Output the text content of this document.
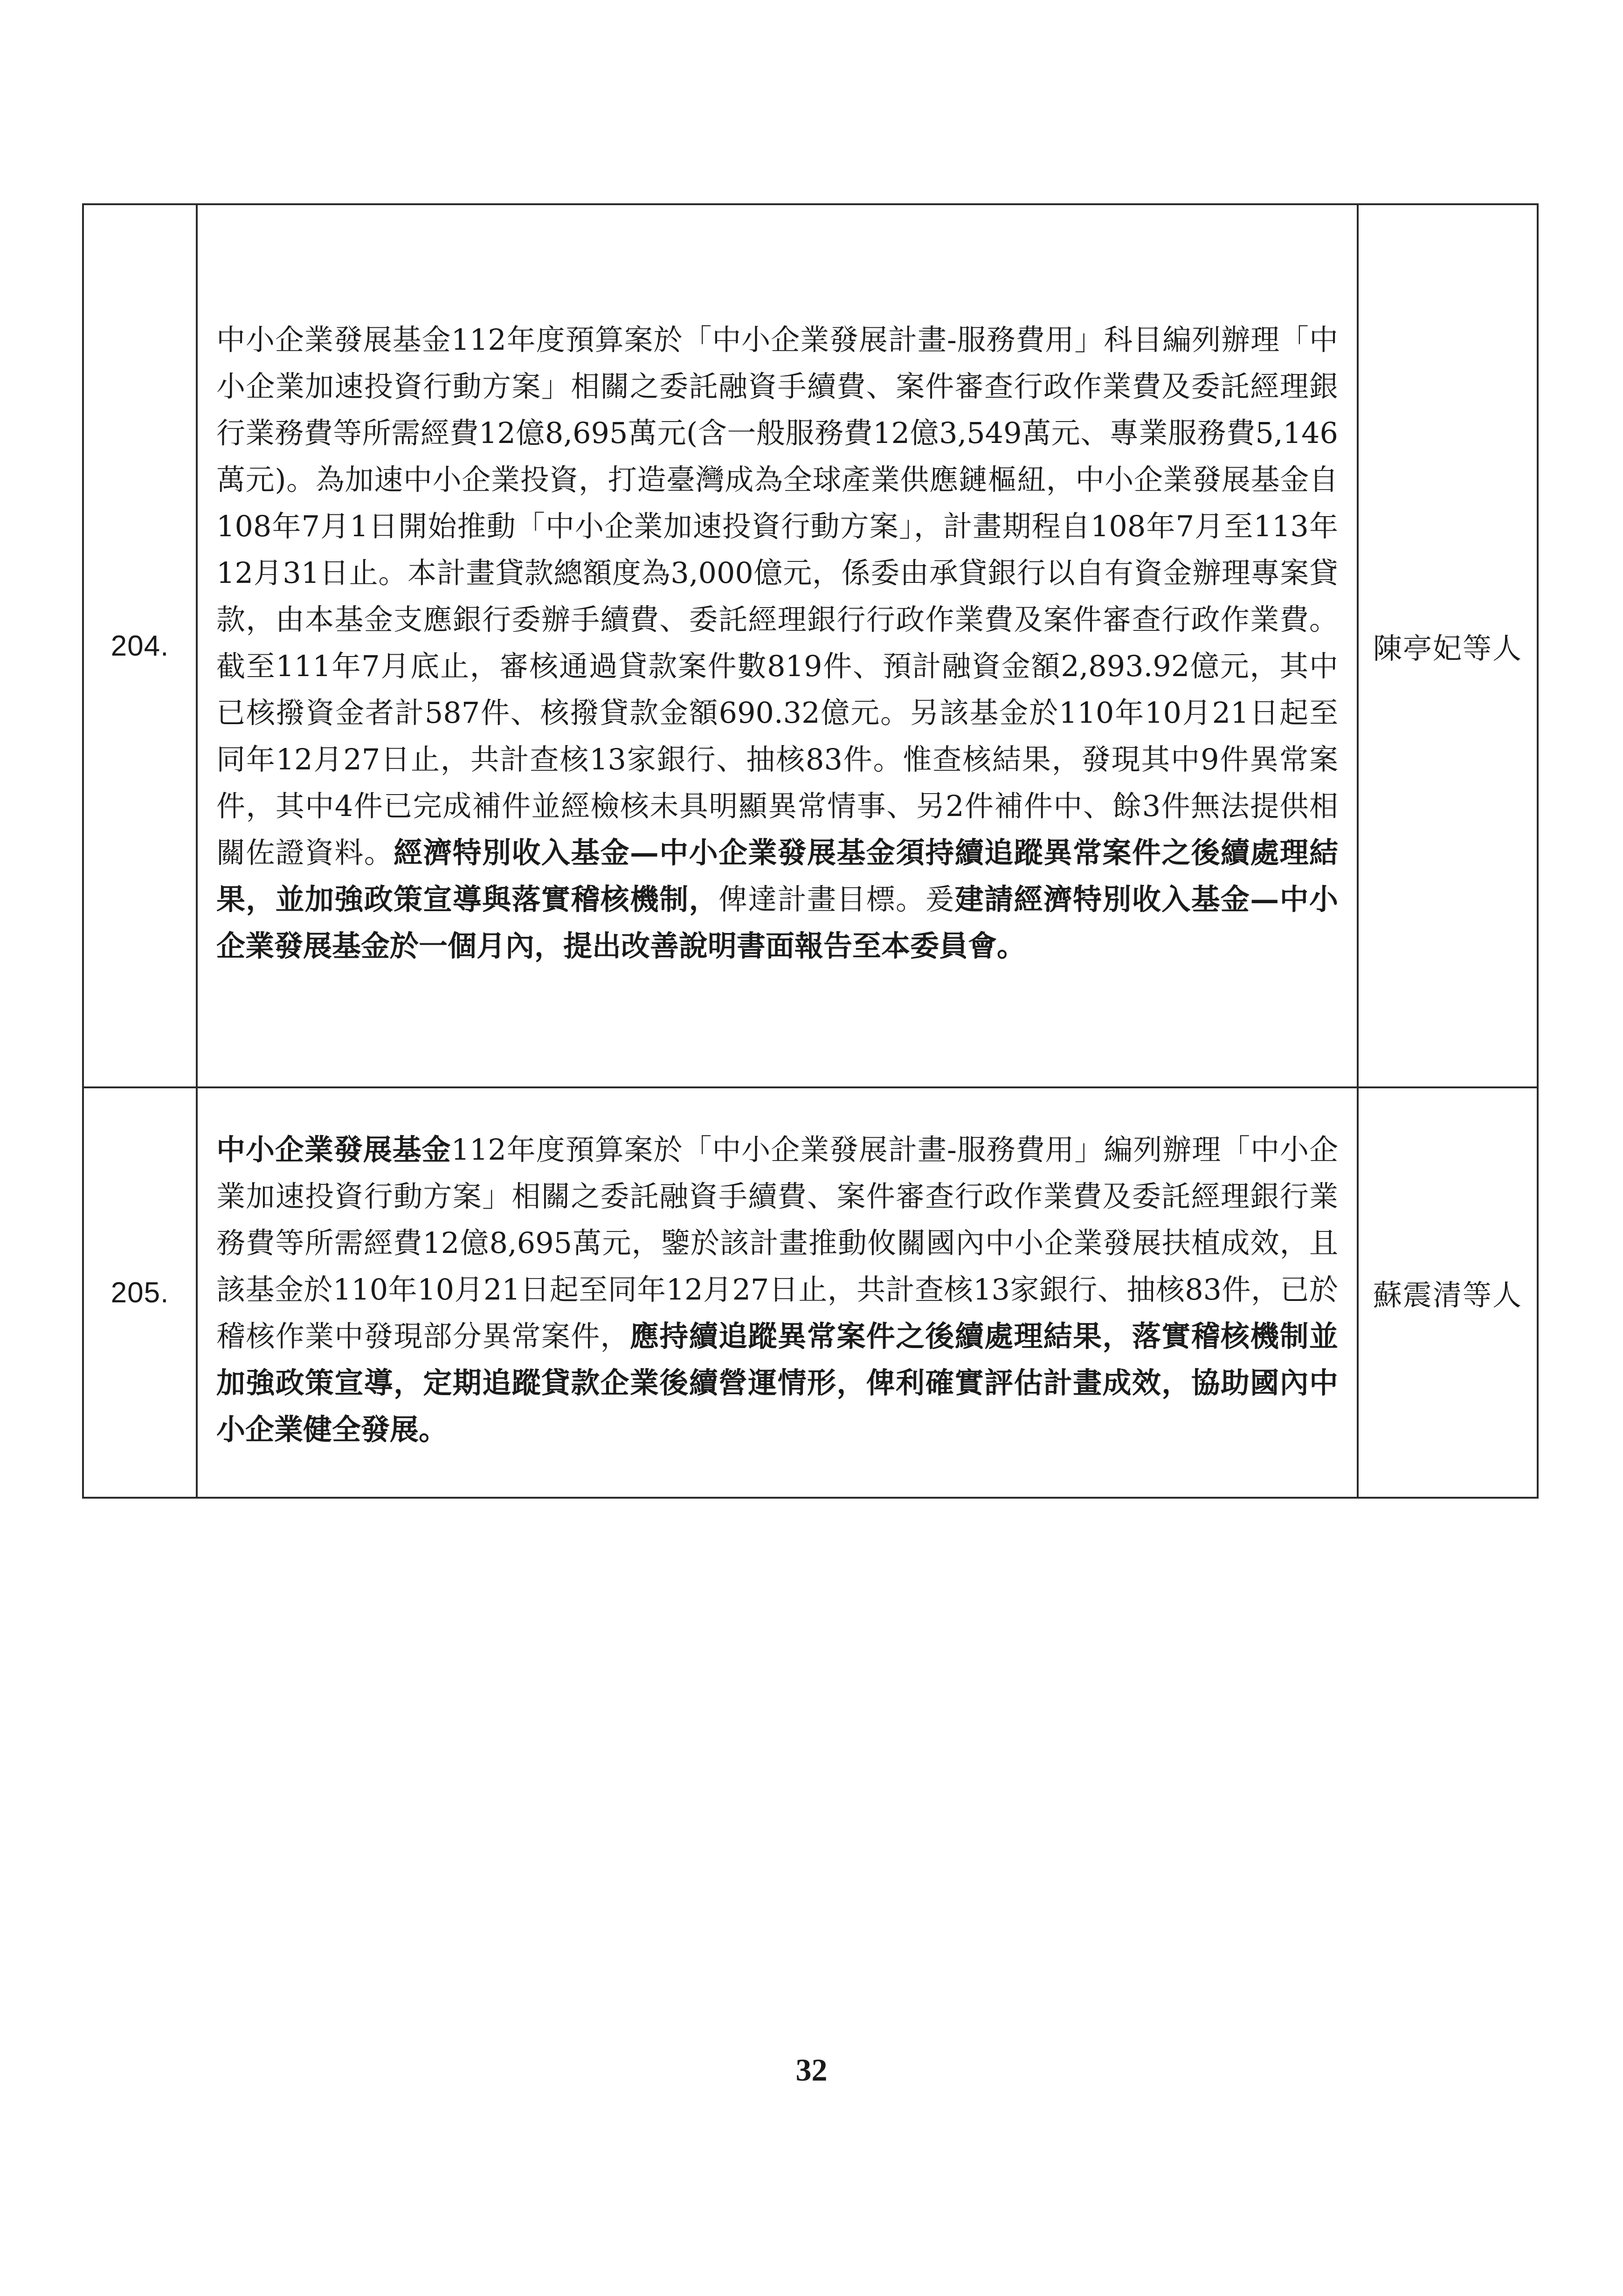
204.	中小企業發展基金112年度預算案於「中小企業發展計畫-服務費用」科目編列辦理「中小企業加速投資行動方案」相關之委託融資手續費、案件審查行政作業費及委託經理銀行業務費等所需經費12億8,695萬元(含一般服務費12億3,549萬元、專業服務費5,146萬元)。為加速中小企業投資，打造臺灣成為全球產業供應鏈樞紐，中小企業發展基金自108年7月1日開始推動「中小企業加速投資行動方案」，計畫期程自108年7月至113年12月31日止。本計畫貸款總額度為3,000億元，係委由承貸銀行以自有資金辦理專案貸款，由本基金支應銀行委辦手續費、委託經理銀行行政作業費及案件審查行政作業費。截至111年7月底止，審核通過貸款案件數819件、預計融資金額2,893.92億元，其中已核撥資金者計587件、核撥貸款金額690.32億元。另該基金於110年10月21日起至同年12月27日止，共計查核13家銀行、抽核83件。惟查核結果，發現其中9件異常案件，其中4件已完成補件並經檢核未具明顯異常情事、另2件補件中、餘3件無法提供相關佐證資料。經濟特別收入基金—中小企業發展基金須持續追蹤異常案件之後續處理結果，並加強政策宣導與落實稽核機制，俾達計畫目標。爰建請經濟特別收入基金—中小企業發展基金於一個月內，提出改善說明書面報告至本委員會。	陳亭妃等人
205.	中小企業發展基金112年度預算案於「中小企業發展計畫-服務費用」編列辦理「中小企業加速投資行動方案」相關之委託融資手續費、案件審查行政作業費及委託經理銀行業務費等所需經費12億8,695萬元，鑒於該計畫推動攸關國內中小企業發展扶植成效，且該基金於110年10月21日起至同年12月27日止，共計查核13家銀行、抽核83件，已於稽核作業中發現部分異常案件，應持續追蹤異常案件之後續處理結果，落實稽核機制並加強政策宣導，定期追蹤貸款企業後續營運情形，俾利確實評估計畫成效，協助國內中小企業健全發展。	蘇震清等人
32
